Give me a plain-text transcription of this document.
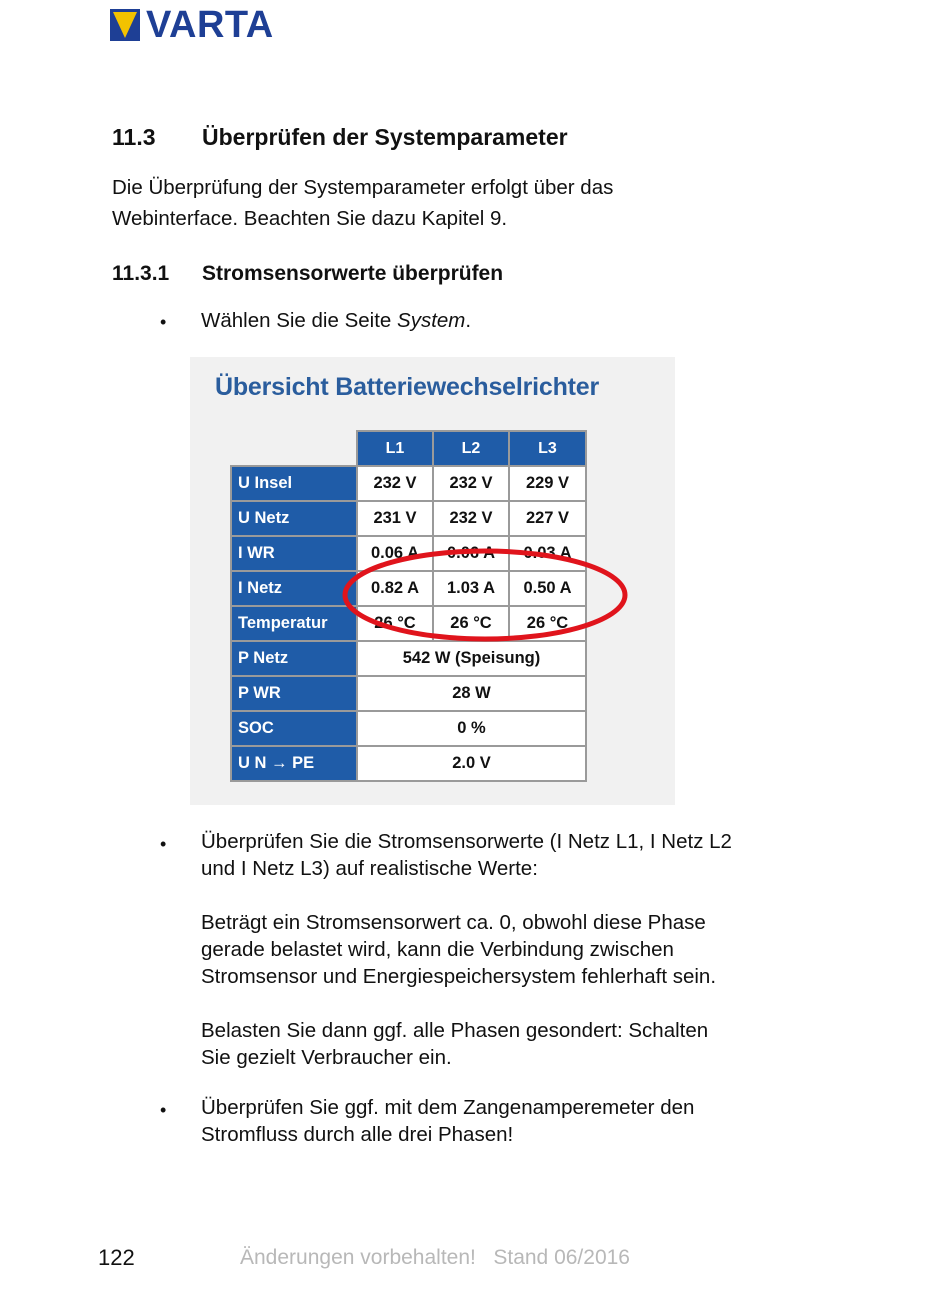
VARTA
11.3 Überprüfen der Systemparameter
Die Überprüfung der Systemparameter erfolgt über das
Webinterface. Beachten Sie dazu Kapitel 9.
11.3.1 Stromsensorwerte überprüfen
• Wählen Sie die Seite System.
Übersicht Batteriewechselrichter
	L1	L2	L3
U Insel	232 V	232 V	229 V
U Netz	231 V	232 V	227 V
I WR	0.06 A	0.06 A	0.03 A
I Netz	0.82 A	1.03 A	0.50 A
Temperatur	26 °C	26 °C	26 °C
P Netz	542 W (Speisung)		
P WR	28 W		
SOC	0 %		
U N → PE	2.0 V		
• Überprüfen Sie die Stromsensorwerte (I Netz L1, I Netz L2
und I Netz L3) auf realistische Werte:
Beträgt ein Stromsensorwert ca. 0, obwohl diese Phase
gerade belastet wird, kann die Verbindung zwischen
Stromsensor und Energiespeichersystem fehlerhaft sein.
Belasten Sie dann ggf. alle Phasen gesondert: Schalten
Sie gezielt Verbraucher ein.
• Überprüfen Sie ggf. mit dem Zangenamperemeter den
Stromfluss durch alle drei Phasen!
122	Änderungen vorbehalten!   Stand 06/2016
